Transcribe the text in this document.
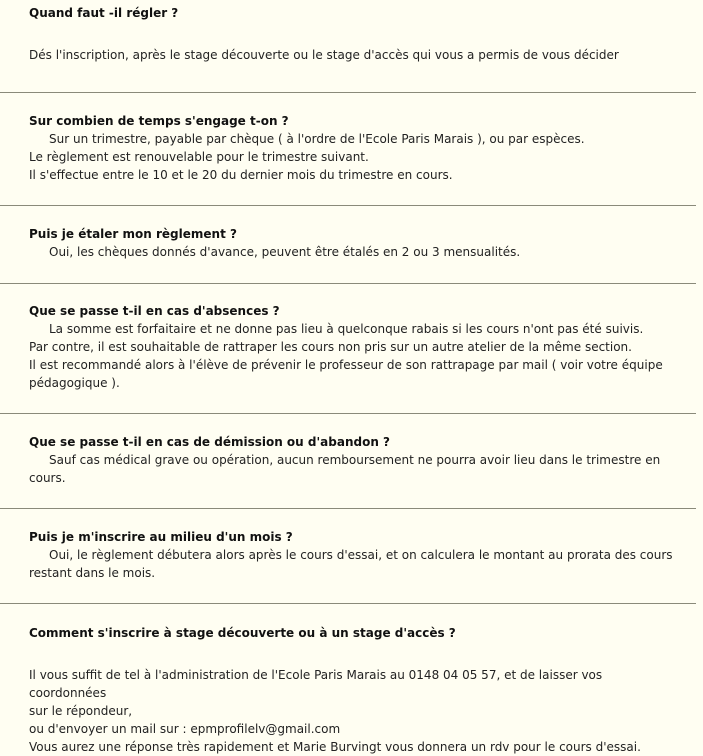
Quand faut -il régler ?

Dés l'inscription, après le stage découverte ou le stage d'accès qui vous a permis de vous décider

Sur combien de temps s'engage t-on ?

Sur un trimestre, payable par chèque ( à l'ordre de l'Ecole Paris Marais ), ou par espèces.

Le règlement est renouvelable pour le trimestre suivant.

Il s'effectue entre le 10 et le 20 du dernier mois du trimestre en cours.

Puis je étaler mon règlement ?

Oui, les chèques donnés d'avance, peuvent être étalés en 2 ou 3 mensualités.

Que se passe t-il en cas d'absences ?

La somme est forfaitaire et ne donne pas lieu à quelconque rabais si les cours n'ont pas été suivis.

Par contre, il est souhaitable de rattraper les cours non pris sur un autre atelier de la même section.

Il est recommandé alors à l'élève de prévenir le professeur de son rattrapage par mail ( voir votre équipe

pédagogique ).

Que se passe t-il en cas de démission ou d'abandon ?

Sauf cas médical grave ou opération, aucun remboursement ne pourra avoir lieu dans le trimestre en

cours.

Puis je m'inscrire au milieu d'un mois ?

Oui, le règlement débutera alors après le cours d'essai, et on calculera le montant au prorata des cours

restant dans le mois.

Comment s'inscrire à stage découverte ou à un stage d'accès ?

Il vous suffit de tel à l'administration de l'Ecole Paris Marais au 0148 04 05 57, et de laisser vos coordonnées

sur le répondeur,

ou d'envoyer un mail sur : epmprofilelv@gmail.com

Vous aurez une réponse très rapidement et Marie Burvingt vous donnera un rdv pour le cours d'essai.
